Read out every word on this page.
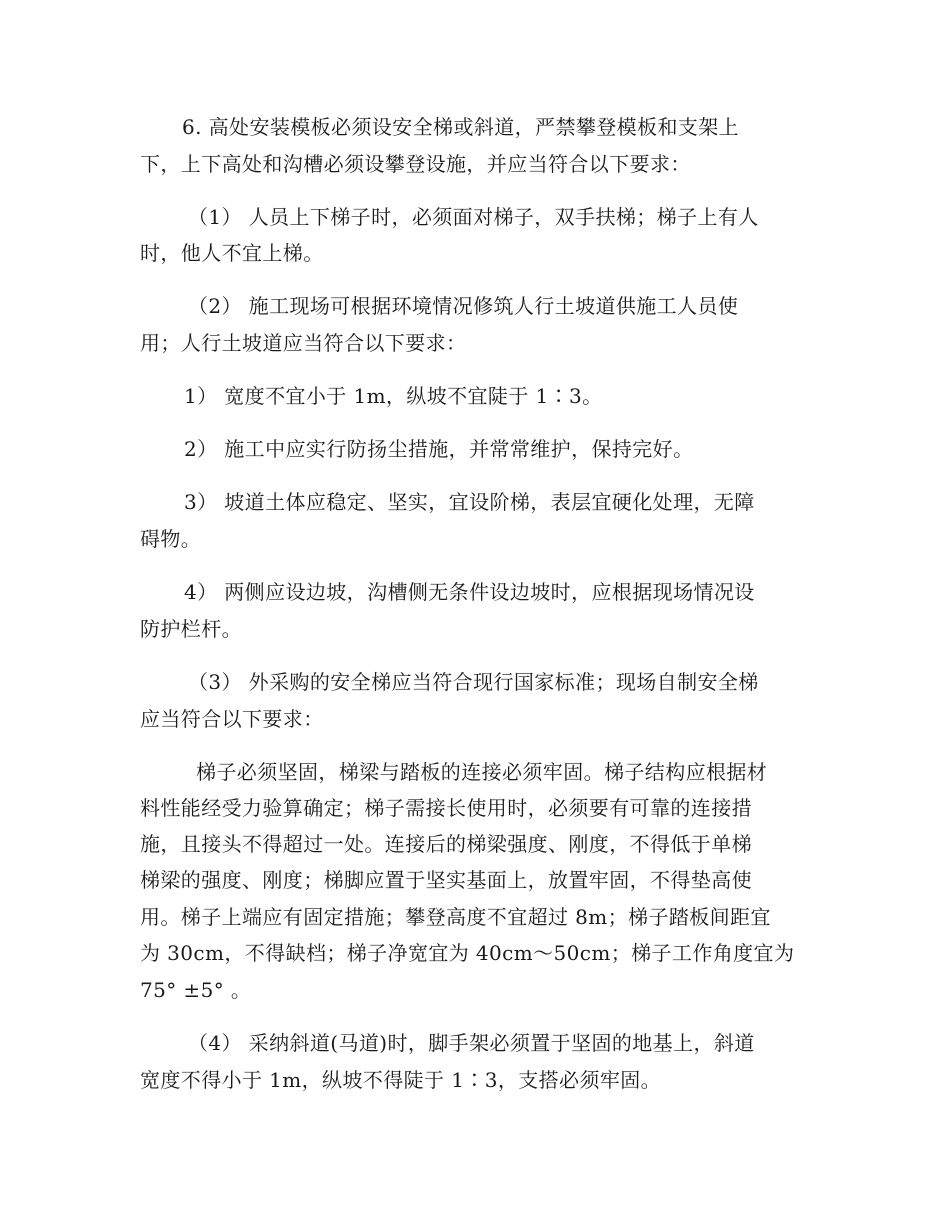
6. 高处安装模板必须设安全梯或斜道，严禁攀登模板和支架上
下，上下高处和沟槽必须设攀登设施，并应当符合以下要求：
（1） 人员上下梯子时，必须面对梯子，双手扶梯；梯子上有人
时，他人不宜上梯。
（2） 施工现场可根据环境情况修筑人行土坡道供施工人员使
用；人行土坡道应当符合以下要求：
1） 宽度不宜小于 1m，纵坡不宜陡于 1∶3。
2） 施工中应实行防扬尘措施，并常常维护，保持完好。
3） 坡道土体应稳定、坚实，宜设阶梯，表层宜硬化处理，无障
碍物。
4） 两侧应设边坡，沟槽侧无条件设边坡时，应根据现场情况设
防护栏杆。
（3） 外采购的安全梯应当符合现行国家标准；现场自制安全梯
应当符合以下要求：
梯子必须坚固，梯梁与踏板的连接必须牢固。梯子结构应根据材
料性能经受力验算确定；梯子需接长使用时，必须要有可靠的连接措
施，且接头不得超过一处。连接后的梯梁强度、刚度，不得低于单梯
梯梁的强度、刚度；梯脚应置于坚实基面上，放置牢固，不得垫高使
用。梯子上端应有固定措施；攀登高度不宜超过 8m；梯子踏板间距宜
为 30cm，不得缺档；梯子净宽宜为 40cm～50cm；梯子工作角度宜为
75° ±5° 。
（4） 采纳斜道(马道)时，脚手架必须置于坚固的地基上，斜道
宽度不得小于 1m，纵坡不得陡于 1∶3，支搭必须牢固。
